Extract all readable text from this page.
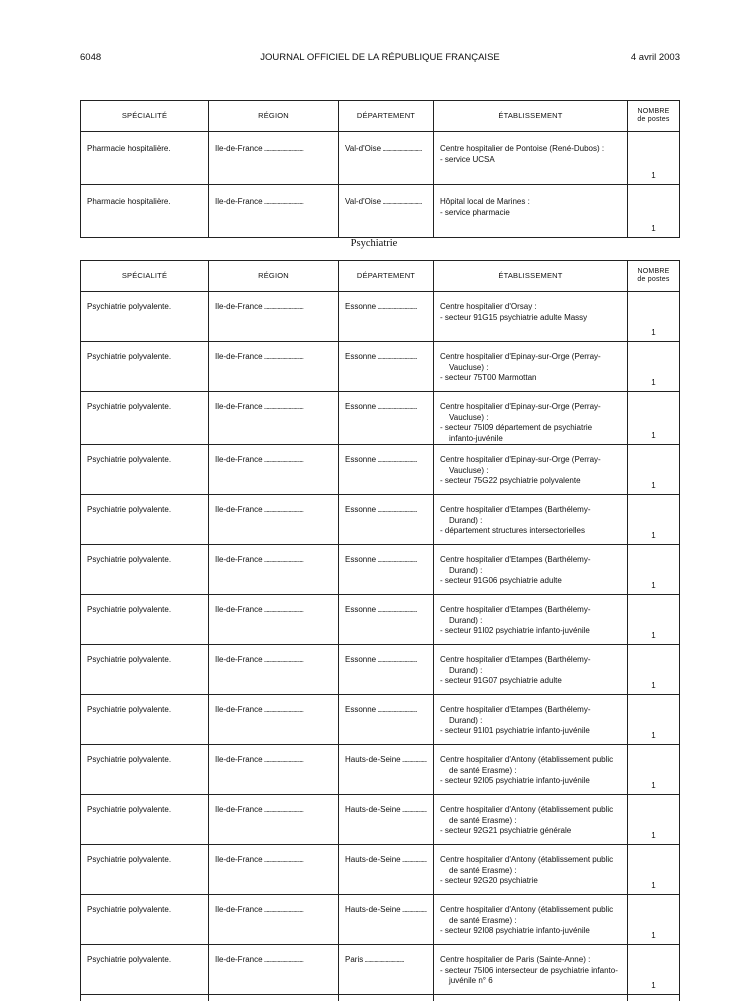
6048	JOURNAL OFFICIEL DE LA RÉPUBLIQUE FRANÇAISE	4 avril 2003
SPÉCIALITÉ	RÉGION	DÉPARTEMENT	ÉTABLISSEMENT	NOMBRE
de postes

Pharmacie hospitalière.	Ile-de-France .....	Val-d'Oise .....	Centre hospitalier de Pontoise (René-Dubos) :
- service UCSA	1

Pharmacie hospitalière.	Ile-de-France .....	Val-d'Oise .....	Hôpital local de Marines :
- service pharmacie	1
Psychiatrie
SPÉCIALITÉ	RÉGION	DÉPARTEMENT	ÉTABLISSEMENT	NOMBRE
de postes

Psychiatrie polyvalente.	Ile-de-France .....	Essonne .....	Centre hospitalier d'Orsay :
- secteur 91G15 psychiatrie adulte Massy	1

Psychiatrie polyvalente.	Ile-de-France .....	Essonne .....	Centre hospitalier d'Epinay-sur-Orge (Perray-
Vaucluse) :
- secteur 75T00 Marmottan	1

Psychiatrie polyvalente.	Ile-de-France .....	Essonne .....	Centre hospitalier d'Epinay-sur-Orge (Perray-
Vaucluse) :
- secteur 75I09 département de psychiatrie
infanto-juvénile	1

Psychiatrie polyvalente.	Ile-de-France .....	Essonne .....	Centre hospitalier d'Epinay-sur-Orge (Perray-
Vaucluse) :
- secteur 75G22 psychiatrie polyvalente	1

Psychiatrie polyvalente.	Ile-de-France .....	Essonne .....	Centre hospitalier d'Etampes (Barthélemy-
Durand) :
- département structures intersectorielles	1

Psychiatrie polyvalente.	Ile-de-France .....	Essonne .....	Centre hospitalier d'Etampes (Barthélemy-
Durand) :
- secteur 91G06 psychiatrie adulte	1

Psychiatrie polyvalente.	Ile-de-France .....	Essonne .....	Centre hospitalier d'Etampes (Barthélemy-
Durand) :
- secteur 91I02 psychiatrie infanto-juvénile	1

Psychiatrie polyvalente.	Ile-de-France .....	Essonne .....	Centre hospitalier d'Etampes (Barthélemy-
Durand) :
- secteur 91G07 psychiatrie adulte	1

Psychiatrie polyvalente.	Ile-de-France .....	Essonne .....	Centre hospitalier d'Etampes (Barthélemy-
Durand) :
- secteur 91I01 psychiatrie infanto-juvénile	1

Psychiatrie polyvalente.	Ile-de-France .....	Hauts-de-Seine .....	Centre hospitalier d'Antony (établissement public
de santé Erasme) :
- secteur 92I05 psychiatrie infanto-juvénile	1

Psychiatrie polyvalente.	Ile-de-France .....	Hauts-de-Seine .....	Centre hospitalier d'Antony (établissement public
de santé Erasme) :
- secteur 92G21 psychiatrie générale	1

Psychiatrie polyvalente.	Ile-de-France .....	Hauts-de-Seine .....	Centre hospitalier d'Antony (établissement public
de santé Erasme) :
- secteur 92G20 psychiatrie	1

Psychiatrie polyvalente.	Ile-de-France .....	Hauts-de-Seine .....	Centre hospitalier d'Antony (établissement public
de santé Erasme) :
- secteur 92I08 psychiatrie infanto-juvénile	1

Psychiatrie polyvalente.	Ile-de-France .....	Paris .....	Centre hospitalier de Paris (Sainte-Anne) :
- secteur 75I06 intersecteur de psychiatrie infanto-
juvénile n° 6	1
